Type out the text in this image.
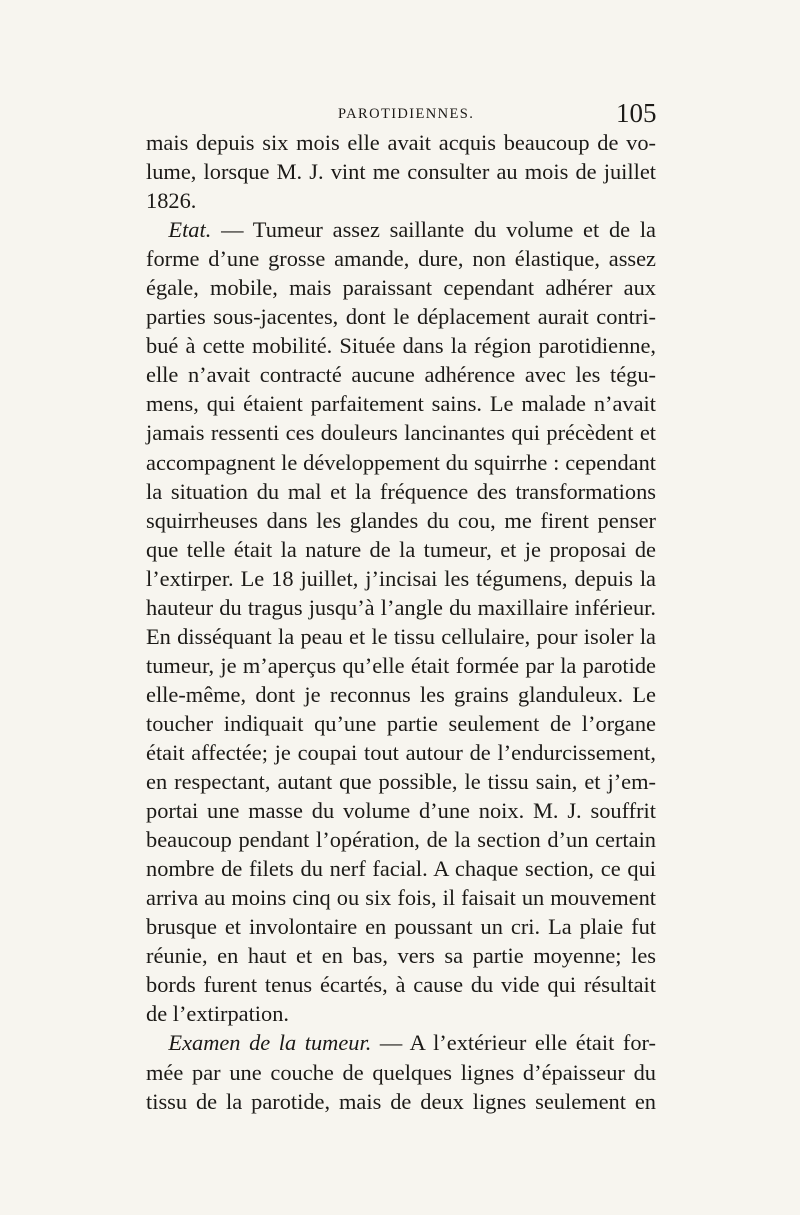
PAROTIDIENNES.	105
mais depuis six mois elle avait acquis beaucoup de vo-
lume, lorsque M. J. vint me consulter au mois de juillet
1826.
 Etat. — Tumeur assez saillante du volume et de la
forme d’une grosse amande, dure, non élastique, assez
égale, mobile, mais paraissant cependant adhérer aux
parties sous-jacentes, dont le déplacement aurait contri-
bué à cette mobilité. Située dans la région parotidienne,
elle n’avait contracté aucune adhérence avec les tégu-
mens, qui étaient parfaitement sains. Le malade n’avait
jamais ressenti ces douleurs lancinantes qui précèdent et
accompagnent le développement du squirrhe : cependant
la situation du mal et la fréquence des transformations
squirrheuses dans les glandes du cou, me firent penser
que telle était la nature de la tumeur, et je proposai de
l’extirper. Le 18 juillet, j’incisai les tégumens, depuis la
hauteur du tragus jusqu’à l’angle du maxillaire inférieur.
En disséquant la peau et le tissu cellulaire, pour isoler la
tumeur, je m’aperçus qu’elle était formée par la parotide
elle-même, dont je reconnus les grains glanduleux. Le
toucher indiquait qu’une partie seulement de l’organe
était affectée; je coupai tout autour de l’endurcissement,
en respectant, autant que possible, le tissu sain, et j’em-
portai une masse du volume d’une noix. M. J. souffrit
beaucoup pendant l’opération, de la section d’un certain
nombre de filets du nerf facial. A chaque section, ce qui
arriva au moins cinq ou six fois, il faisait un mouvement
brusque et involontaire en poussant un cri. La plaie fut
réunie, en haut et en bas, vers sa partie moyenne; les
bords furent tenus écartés, à cause du vide qui résultait
de l’extirpation.
 Examen de la tumeur. — A l’extérieur elle était for-
mée par une couche de quelques lignes d’épaisseur du
tissu de la parotide, mais de deux lignes seulement en
